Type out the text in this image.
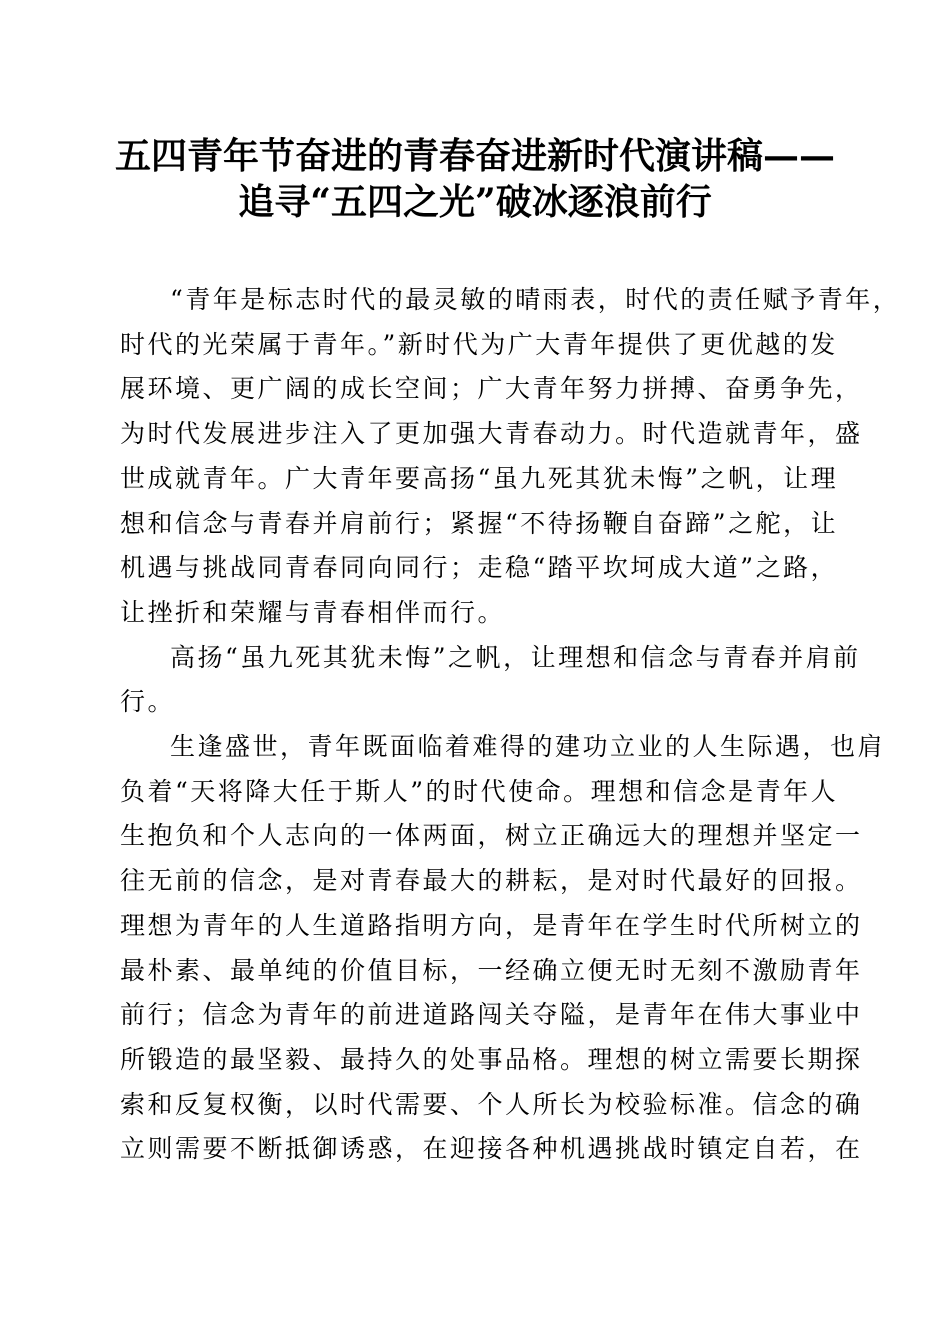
五四青年节奋进的青春奋进新时代演讲稿——
追寻“五四之光”破冰逐浪前行

“青年是标志时代的最灵敏的晴雨表，时代的责任赋予青年，
时代的光荣属于青年。”新时代为广大青年提供了更优越的发
展环境、更广阔的成长空间；广大青年努力拼搏、奋勇争先，
为时代发展进步注入了更加强大青春动力。时代造就青年，盛
世成就青年。广大青年要高扬“虽九死其犹未悔”之帆，让理
想和信念与青春并肩前行；紧握“不待扬鞭自奋蹄”之舵，让
机遇与挑战同青春同向同行；走稳“踏平坎坷成大道”之路，
让挫折和荣耀与青春相伴而行。

高扬“虽九死其犹未悔”之帆，让理想和信念与青春并肩前
行。

生逢盛世，青年既面临着难得的建功立业的人生际遇，也肩
负着“天将降大任于斯人”的时代使命。理想和信念是青年人
生抱负和个人志向的一体两面，树立正确远大的理想并坚定一
往无前的信念，是对青春最大的耕耘，是对时代最好的回报。
理想为青年的人生道路指明方向，是青年在学生时代所树立的
最朴素、最单纯的价值目标，一经确立便无时无刻不激励青年
前行；信念为青年的前进道路闯关夺隘，是青年在伟大事业中
所锻造的最坚毅、最持久的处事品格。理想的树立需要长期探
索和反复权衡，以时代需要、个人所长为校验标准。信念的确
立则需要不断抵御诱惑，在迎接各种机遇挑战时镇定自若，在
